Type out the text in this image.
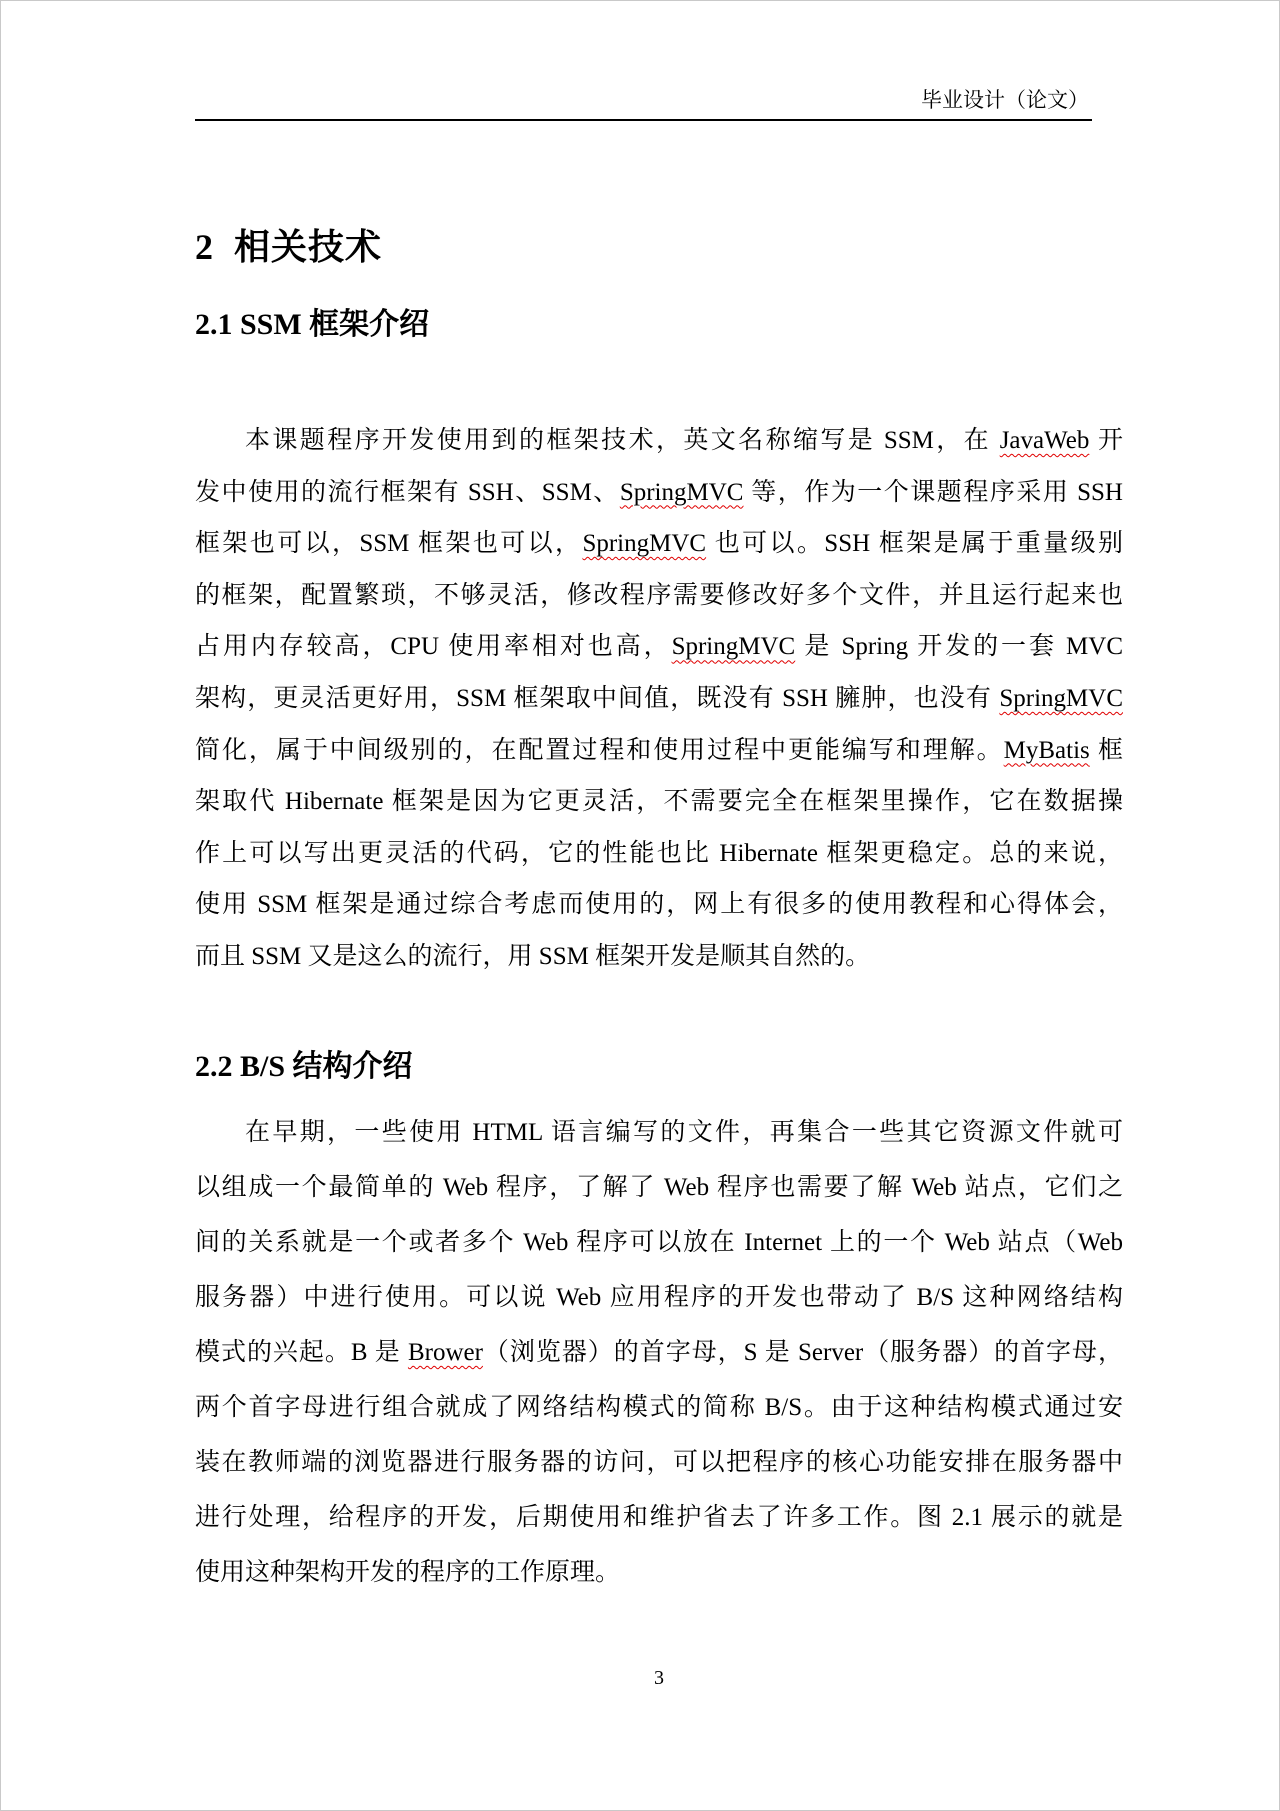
毕业设计（论文）
2  相关技术
2.1 SSM 框架介绍
本课题程序开发使用到的框架技术，英文名称缩写是 SSM，在 JavaWeb 开
发中使用的流行框架有 SSH、SSM、SpringMVC 等，作为一个课题程序采用 SSH
框架也可以，SSM 框架也可以，SpringMVC 也可以。SSH 框架是属于重量级别
的框架，配置繁琐，不够灵活，修改程序需要修改好多个文件，并且运行起来也
占用内存较高，CPU 使用率相对也高，SpringMVC 是 Spring 开发的一套 MVC
架构，更灵活更好用，SSM 框架取中间值，既没有 SSH 臃肿，也没有 SpringMVC
简化，属于中间级别的，在配置过程和使用过程中更能编写和理解。MyBatis 框
架取代 Hibernate 框架是因为它更灵活，不需要完全在框架里操作，它在数据操
作上可以写出更灵活的代码，它的性能也比 Hibernate 框架更稳定。总的来说，
使用 SSM 框架是通过综合考虑而使用的，网上有很多的使用教程和心得体会，
而且 SSM 又是这么的流行，用 SSM 框架开发是顺其自然的。
2.2 B/S 结构介绍
在早期，一些使用 HTML 语言编写的文件，再集合一些其它资源文件就可
以组成一个最简单的 Web 程序，了解了 Web 程序也需要了解 Web 站点，它们之
间的关系就是一个或者多个 Web 程序可以放在 Internet 上的一个 Web 站点（Web
服务器）中进行使用。可以说 Web 应用程序的开发也带动了 B/S 这种网络结构
模式的兴起。B 是 Brower（浏览器）的首字母，S 是 Server（服务器）的首字母，
两个首字母进行组合就成了网络结构模式的简称 B/S。由于这种结构模式通过安
装在教师端的浏览器进行服务器的访问，可以把程序的核心功能安排在服务器中
进行处理，给程序的开发，后期使用和维护省去了许多工作。图 2.1 展示的就是
使用这种架构开发的程序的工作原理。
3
